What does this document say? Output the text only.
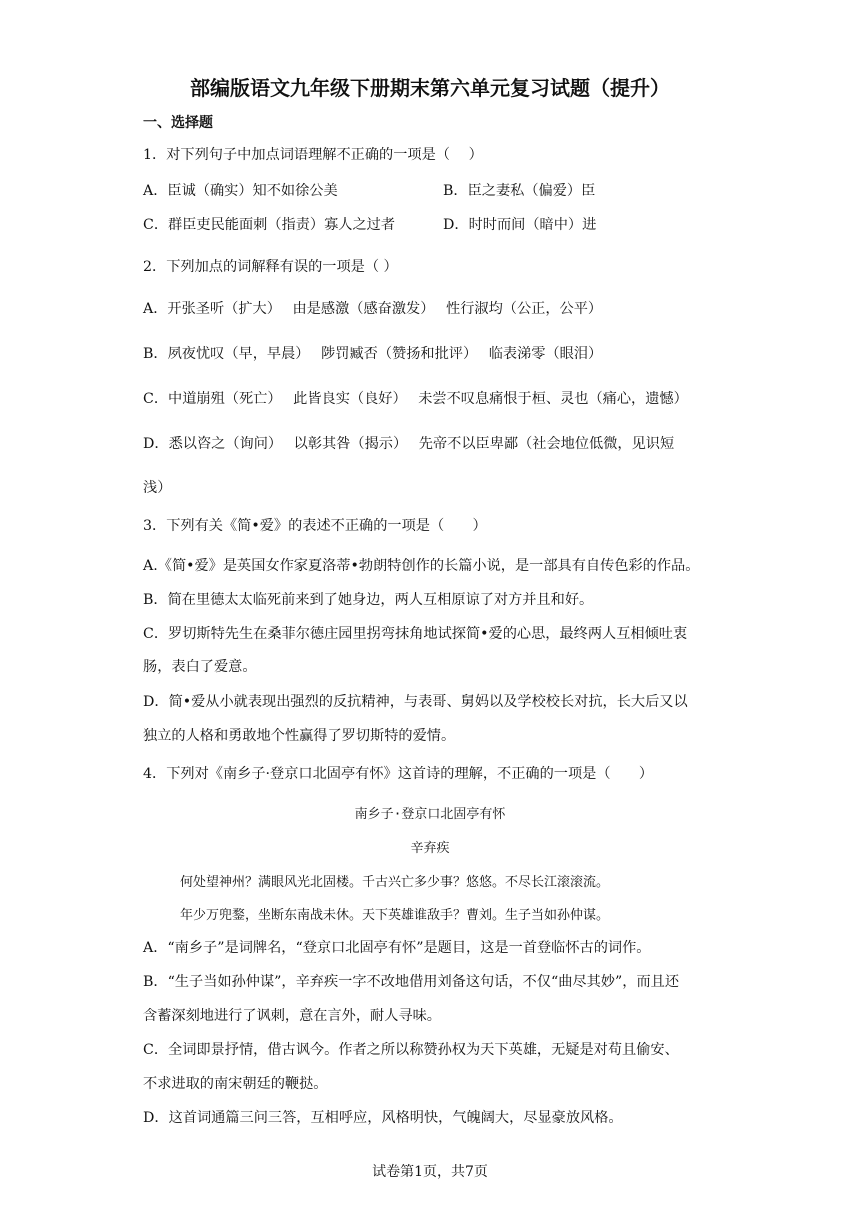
部编版语文九年级下册期末第六单元复习试题（提升）
一、选择题
1．对下列句子中加点词语理解不正确的一项是（　 ）
A．臣诚（确实）知不如徐公美	B．臣之妻私（偏爱）臣
C．群臣吏民能面刺（指责）寡人之过者	D．时时而间（暗中）进
2．下列加点的词解释有误的一项是（ ）
A．开张圣听（扩大）　 由是感激（感奋激发）　 性行淑均（公正，公平）
B．夙夜忧叹（早，早晨）　 陟罚臧否（赞扬和批评）　 临表涕零（眼泪）
C．中道崩殂（死亡）　 此皆良实（良好）　 未尝不叹息痛恨于桓、灵也（痛心，遗憾）
D．悉以咨之（询问）　 以彰其咎（揭示）　 先帝不以臣卑鄙（社会地位低微，见识短
浅）
3．下列有关《简•爱》的表述不正确的一项是（　　）
A.《简•爱》是英国女作家夏洛蒂•勃朗特创作的长篇小说，是一部具有自传色彩的作品。
B．简在里德太太临死前来到了她身边，两人互相原谅了对方并且和好。
C．罗切斯特先生在桑菲尔德庄园里拐弯抹角地试探简•爱的心思，最终两人互相倾吐衷
肠，表白了爱意。
D．简•爱从小就表现出强烈的反抗精神，与表哥、舅妈以及学校校长对抗，长大后又以
独立的人格和勇敢地个性赢得了罗切斯特的爱情。
4．下列对《南乡子·登京口北固亭有怀》这首诗的理解，不正确的一项是（　　）
南乡子·登京口北固亭有怀
辛弃疾
何处望神州？满眼风光北固楼。千古兴亡多少事？悠悠。不尽长江滚滚流。
年少万兜鍪，坐断东南战未休。天下英雄谁敌手？曹刘。生子当如孙仲谋。
A．“南乡子”是词牌名，“登京口北固亭有怀”是题目，这是一首登临怀古的词作。
B．“生子当如孙仲谋”，辛弃疾一字不改地借用刘备这句话，不仅“曲尽其妙”，而且还
含蓄深刻地进行了讽刺，意在言外，耐人寻味。
C．全词即景抒情，借古讽今。作者之所以称赞孙权为天下英雄，无疑是对苟且偷安、
不求进取的南宋朝廷的鞭挞。
D．这首词通篇三问三答，互相呼应，风格明快，气魄阔大，尽显豪放风格。
试卷第1页，共7页
